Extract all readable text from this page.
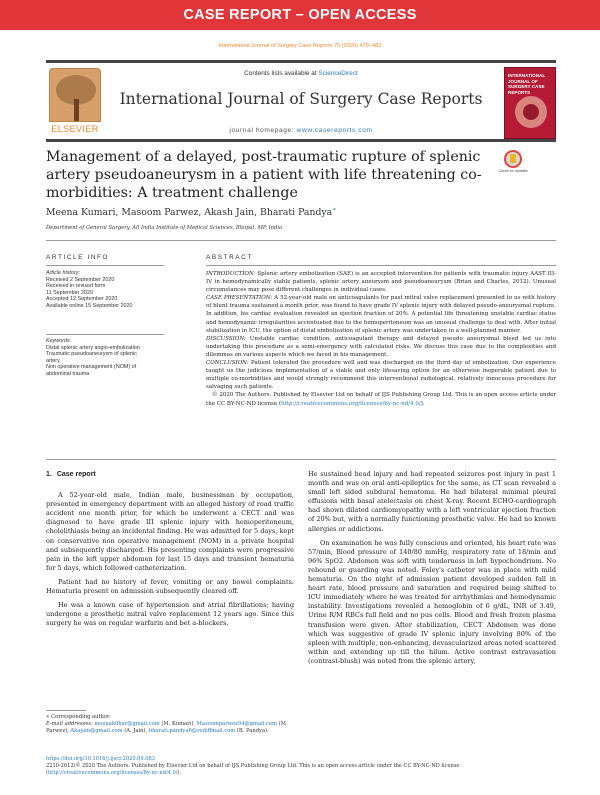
CASE REPORT – OPEN ACCESS
International Journal of Surgery Case Reports 75 (2020) 479–482
ELSEVIER
Contents lists available at ScienceDirect
International Journal of Surgery Case Reports
journal homepage: www.casereports.com
INTERNATIONAL JOURNAL OF SURGERY CASE REPORTS
Management of a delayed, post-traumatic rupture of splenic artery pseudoaneurysm in a patient with life threatening co-morbidities: A treatment challenge
Check for updates
Meena Kumari, Masoom Parwez, Akash Jain, Bharati Pandya∗
Department of General Surgery, All India Institute of Medical Sciences, Bhopal, MP, India
ARTICLE INFO	ABSTRACT
Article history:
Received 2 September 2020
Received in revised form
11 September 2020
Accepted 12 September 2020
Available online 15 September 2020
Keywords:
Distal splenic artery angio-embolization
Traumatic pseudoaneurysm of splenic
artery
Non operative management (NOM) of
abdominal trauma

INTRODUCTION: Splenic artery embolization (SAE) is an accepted intervention for patients with traumatic injury AAST III-IV in hemodynamically stable patients, splenic artery aneurysm and pseudoaneurysm (Brian and Charles, 2012). Unusual circumstances may pose different challenges in individual cases.

CASE PRESENTATION: A 52-year-old male on anticoagulants for past mitral valve replacement presented to us with history of blunt trauma sustained a month prior, was found to have grade IV splenic injury with delayed pseudo-aneurysmal rupture. In addition, his cardiac evaluation revealed an ejection fraction of 20%. A potential life threatening unstable cardiac status and hemodynamic irregularities accentuated due to the hemoperitoneum was an unusual challenge to deal with. After initial stabilization in ICU, the option of distal embolization of splenic artery was undertaken in a well-planned manner.

DISCUSSION: Unstable cardiac condition, anticoagulant therapy and delayed pseudo aneurysmal bleed led us into undertaking this procedure as a semi-emergency with calculated risks. We discuss this case due to the complexities and dilemmas on various aspects which we faced in his management.

CONCLUSION: Patient tolerated the procedure well and was discharged on the third day of embolization. Our experience taught us the judicious implementation of a viable and only lifesaving option for an otherwise inoperable patient due to multiple co-morbidities and would strongly recommend this interventional radiological, relatively innocuous procedure for salvaging such patients.

© 2020 The Authors. Published by Elsevier Ltd on behalf of IJS Publishing Group Ltd. This is an open access article under the CC BY-NC-ND license (http://creativecommons.org/licenses/by-nc-nd/4.0/).

1. Case report

A 52-year-old male, Indian male, businessman by occupation, presented in emergency department with an alleged history of road traffic accident one month prior, for which he underwent a CECT and was diagnosed to have grade III splenic injury with hemoperitoneum, cholelithiasis being an incidental finding. He was admitted for 5 days, kept on conservative non operative management (NOM) in a private hospital and subsequently discharged. His presenting complaints were progressive pain in the left upper abdomen for last 15 days and transient hematuria for 5 days, which followed catheterization.

Patient had no history of fever, vomiting or any bowel complaints. Hematuria present on admission subsequently cleared off.

He was a known case of hypertension and atrial fibrillations; having undergone a prosthetic mitral valve replacement 12 years ago. Since this surgery he was on regular warfarin and bet a-blockers.

He sustained head injury and had repeated seizures post injury in past 1 month and was on oral anti-epileptics for the same, as CT scan revealed a small left sided subdural hematoma. He had bilateral minimal pleural effusions with basal atelectasis on chest X-ray. Recent ECHO-cardiograph had shown dilated cardiomyopathy with a left ventricular ejection fraction of 20% but, with a normally functioning prosthetic valve. He had no known allergies or addictions.

On examination he was fully conscious and oriented, his heart rate was 57/min, Blood pressure of 140/80 mmHg, respiratory rate of 18/min and 96% SpO2. Abdomen was soft with tenderness in left hypochondrium. No rebound or guarding was noted. Foley's catheter was in place with mild hematuria. On the night of admission patient developed sudden fall in heart rate, blood pressure and saturation and required being shifted to ICU immediately where he was treated for arrhythmias and hemodynamic instability. Investigations revealed a hemoglobin of 6 g/dL, INR of 3.49, Urine R/M RBCs full field and no pus cells. Blood and fresh frozen plasma transfusion were given. After stabilization, CECT Abdomen was done which was suggestive of grade IV splenic injury involving 80% of the spleen with multiple, non-enhancing, devascularized areas noted scattered within and extending up till the hilum. Active contrast extravasation (contrast-blush) was noted from the splenic artery,

∗ Corresponding author.
E-mail addresses: meenakdhar@gmail.com (M. Kumari), Masoomparwez94@gmail.com (M. Parwez), Akajain@gmail.com (A. Jain), bharati.pandya6@rediffmail.com (B. Pandya).
https://doi.org/10.1016/j.ijscr.2020.09.083
2210-2612/© 2020 The Authors. Published by Elsevier Ltd on behalf of IJS Publishing Group Ltd. This is an open access article under the CC BY-NC-ND license (http://creativecommons.org/licenses/by-nc-nd/4.0/).
